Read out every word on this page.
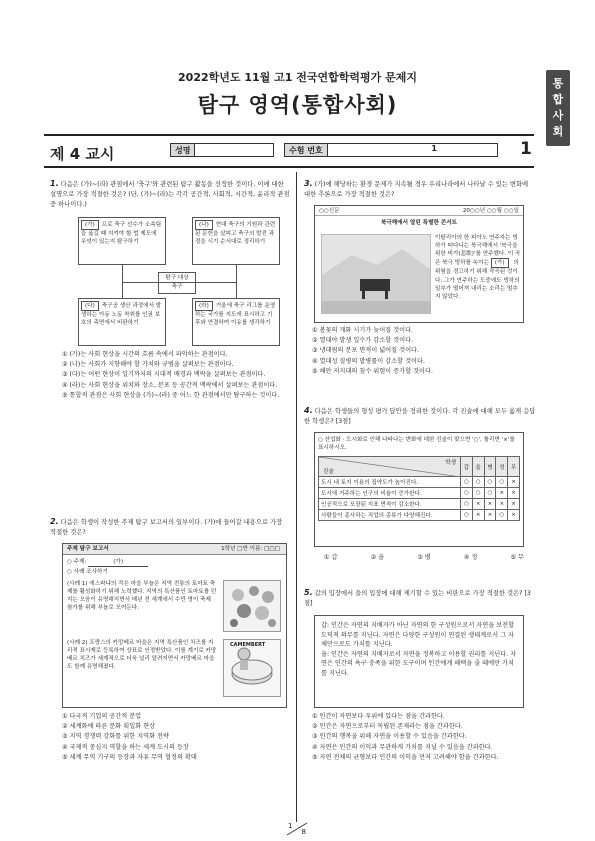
2022학년도 11월 고1 전국연합학력평가 문제지
탐구 영역(통합사회)
통합사회
제 4 교시	성명	수험 번호	1	1
1. 다음은 (가)~(라) 관점에서 '축구'와 관련된 탐구 활동을 선정한 것이다. 이에 대한 설명으로 가장 적절한 것은? (단, (가)~(라)는 각각 공간적, 사회적, 시간적, 윤리적 관점 중 하나이다.)
(가) 프로 축구 선수가 소속팀을 옮길 때 지켜야 할 법 제도에 무엇이 있는지 탐구하기
(나) 현대 축구의 기원과 관련된 문헌을 살피고 축구의 발전 과정을 시기 순서대로 정리하기
탐구 대상
축구
(다) 축구공 생산 과정에서 발생하는 아동 노동 착취를 인권 보호의 측면에서 비판하기
(라) 거울에 축구 리그를 운영하는 국가를 지도에 표시하고 기후와 연결하여 이유를 생각하기
① (가)는 사회 현상을 시간의 흐름 속에서 파악하는 관점이다.
② (나)는 사회가 지향해야 할 가치와 규범을 살펴보는 관점이다.
③ (다)는 어떤 현상이 일기까지의 시대적 배경과 맥락을 살펴보는 관점이다.
④ (라)는 사회 현상을 위치와 장소, 분포 등 공간적 맥락에서 살펴보는 관점이다.
⑤ 통합적 관점은 사회 현상을 (가)~(라) 중 어느 한 관점에서만 탐구하는 것이다.
2. 다음은 학생이 작성한 주제 탐구 보고서의 일부이다. (가)에 들어갈 내용으로 가장 적절한 것은?
주제 탐구 보고서	1학년 □반 이름: □□□
○ 주제:	(가)
○ 사례 조사하기
(사례 1) 에스파냐의 작은 마을 부뇰은 지역 전통의 토마토 축제를 활성화하기 위해 노력했다. 지역의 특산품인 토마토를 던지는 오음이 유명해지면서 매년 전 세계에서 수만 명이 축제 참가를 위해 부뇰로 모여든다.
(사례 2) 프랑스의 카망베르 마을은 지역 특산품인 치즈를 지리적 표시제로 등록하여 상표로 인정받았다. 이를 계기로 카망베르 치즈가 세계적으로 더욱 널리 알려지면서 카망베르 마을도 함께 유명해졌다.
CAMEMBERT
① 다국적 기업의 공간적 분업
② 세계화에 따른 문화 획일화 현상
③ 지역 경쟁력 강화를 위한 지역화 전략
④ 국제적 중심지 역할을 하는 세계 도시의 등장
⑤ 세계 무역 기구의 등장과 자유 무역 협정의 확대
3. (가)에 해당하는 환경 문제가 지속될 경우 우리나라에서 나타날 수 있는 변화에 대한 추론으로 가장 적절한 것은?
○○신문	20○○년 ○○월 ○○일
북극해에서 열린 특별한 콘서트
이탈리아의 한 피아노 연주자는 빙하가 떠다니는 북극해에서 '북극을 위한 비가(悲歌)'를 연주했다. 이 곡은 북극 빙하를 녹이는 (가) 의 위험을 경고하기 위해 작곡된 것이다. 그가 연주하는 도중에도 빙하의 일부가 떨어져 내리는 소리는 멈추지 않았다.
① 봄꽃의 개화 시기가 늦어질 것이다.
② 열대야 발생 일수가 감소할 것이다.
③ 냉대림의 분포 면적이 넓어질 것이다.
④ 열대성 질병의 발병률이 감소할 것이다.
⑤ 해안 저지대의 침수 위험이 증가할 것이다.
4. 다음은 학생들의 형성 평가 답안을 정리한 것이다. 각 진술에 대해 모두 옳게 응답한 학생은? [3점]
○ 산업화 · 도시화로 인해 나타나는 변화에 대한 진술이 맞으면 '○', 틀리면 '×'를 표시하시오.
학생
진술	갑	을	병	정	무
도시 내 토지 이용의 집약도가 높아진다.	○	○	○	○	×
도시에 거주하는 인구의 비율이 증가한다.	○	○	○	×	×
인공적으로 포장된 지표 면적이 감소한다.	○	×	×	×	×
사람들이 종사하는 직업의 종류가 다양해진다.	○	×	×	○	×
① 갑	② 을	③ 병	④ 정	⑤ 무
5. 갑의 입장에서 을의 입장에 대해 제기할 수 있는 비판으로 가장 적절한 것은? [3점]
갑: 인간은 자연의 지배자가 아닌 자연의 한 구성원으로서 자연을 보전할 도덕적 의무를 지닌다. 자연은 다양한 구성원이 연결된 생태계로서 그 자체만으로도 가치를 지닌다.
을: 인간은 자연의 지배자로서 자연을 정복하고 이용할 권리를 지닌다. 자연은 인간의 욕구 충족을 위한 도구이며 인간에게 해택을 줄 때에만 가치를 지닌다.
① 인간이 자연보다 우위에 있다는 점을 간과한다.
② 인간은 자연으로부터 독립된 존재라는 점을 간과한다.
③ 인간의 행복을 위해 자연을 이용할 수 있음을 간과한다.
④ 자연은 인간의 이익과 무관하게 가치를 지닐 수 있음을 간과한다.
⑤ 자연 전체의 균형보다 인간의 이익을 먼저 고려해야 함을 간과한다.
1
8
